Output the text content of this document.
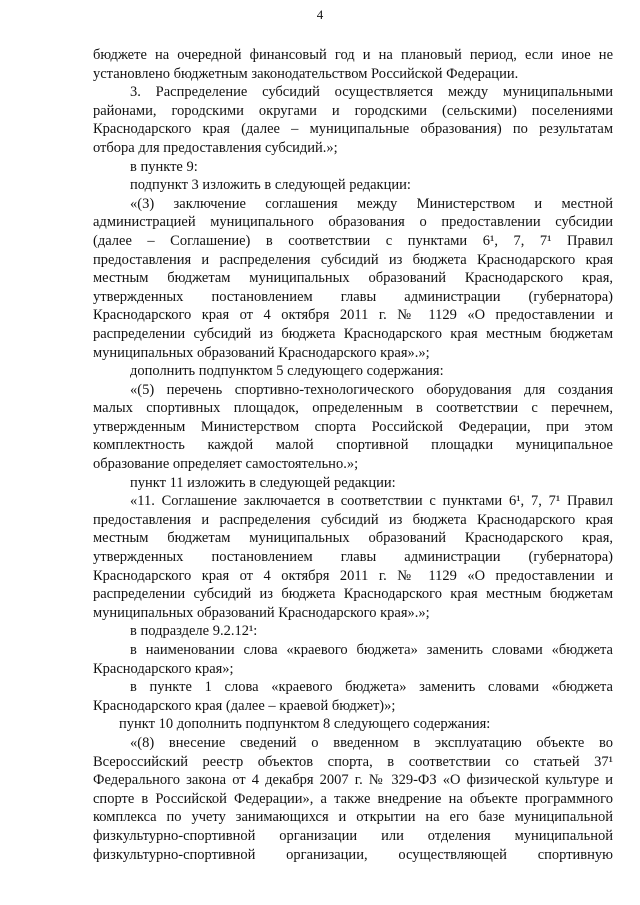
4
бюджете на очередной финансовый год и на плановый период, если иное не
установлено бюджетным законодательством Российской Федерации.
3. Распределение субсидий осуществляется между муниципальными
районами, городскими округами и городскими (сельскими) поселениями
Краснодарского края (далее – муниципальные образования) по результатам
отбора для предоставления субсидий.»;
в пункте 9:
подпункт 3 изложить в следующей редакции:
«(3) заключение соглашения между Министерством и местной
администрацией муниципального образования о предоставлении субсидии
(далее – Соглашение) в соответствии с пунктами 6¹, 7, 7¹ Правил
предоставления и распределения субсидий из бюджета Краснодарского края
местным бюджетам муниципальных образований Краснодарского края,
утвержденных постановлением главы администрации (губернатора)
Краснодарского края от 4 октября 2011 г. № 1129 «О предоставлении и
распределении субсидий из бюджета Краснодарского края местным бюджетам
муниципальных образований Краснодарского края».»;
дополнить подпунктом 5 следующего содержания:
«(5) перечень спортивно-технологического оборудования для создания
малых спортивных площадок, определенным в соответствии с перечнем,
утвержденным Министерством спорта Российской Федерации, при этом
комплектность каждой малой спортивной площадки муниципальное
образование определяет самостоятельно.»;
пункт 11 изложить в следующей редакции:
«11. Соглашение заключается в соответствии с пунктами 6¹, 7, 7¹ Правил
предоставления и распределения субсидий из бюджета Краснодарского края
местным бюджетам муниципальных образований Краснодарского края,
утвержденных постановлением главы администрации (губернатора)
Краснодарского края от 4 октября 2011 г. № 1129 «О предоставлении и
распределении субсидий из бюджета Краснодарского края местным бюджетам
муниципальных образований Краснодарского края».»;
в подразделе 9.2.12¹:
в наименовании слова «краевого бюджета» заменить словами «бюджета
Краснодарского края»;
в пункте 1 слова «краевого бюджета» заменить словами «бюджета
Краснодарского края (далее – краевой бюджет)»;
пункт 10 дополнить подпунктом 8 следующего содержания:
«(8) внесение сведений о введенном в эксплуатацию объекте во
Всероссийский реестр объектов спорта, в соответствии со статьей 37¹
Федерального закона от 4 декабря 2007 г. № 329-ФЗ «О физической культуре и
спорте в Российской Федерации», а также внедрение на объекте программного
комплекса по учету занимающихся и открытии на его базе муниципальной
физкультурно-спортивной организации или отделения муниципальной
физкультурно-спортивной организации, осуществляющей спортивную
